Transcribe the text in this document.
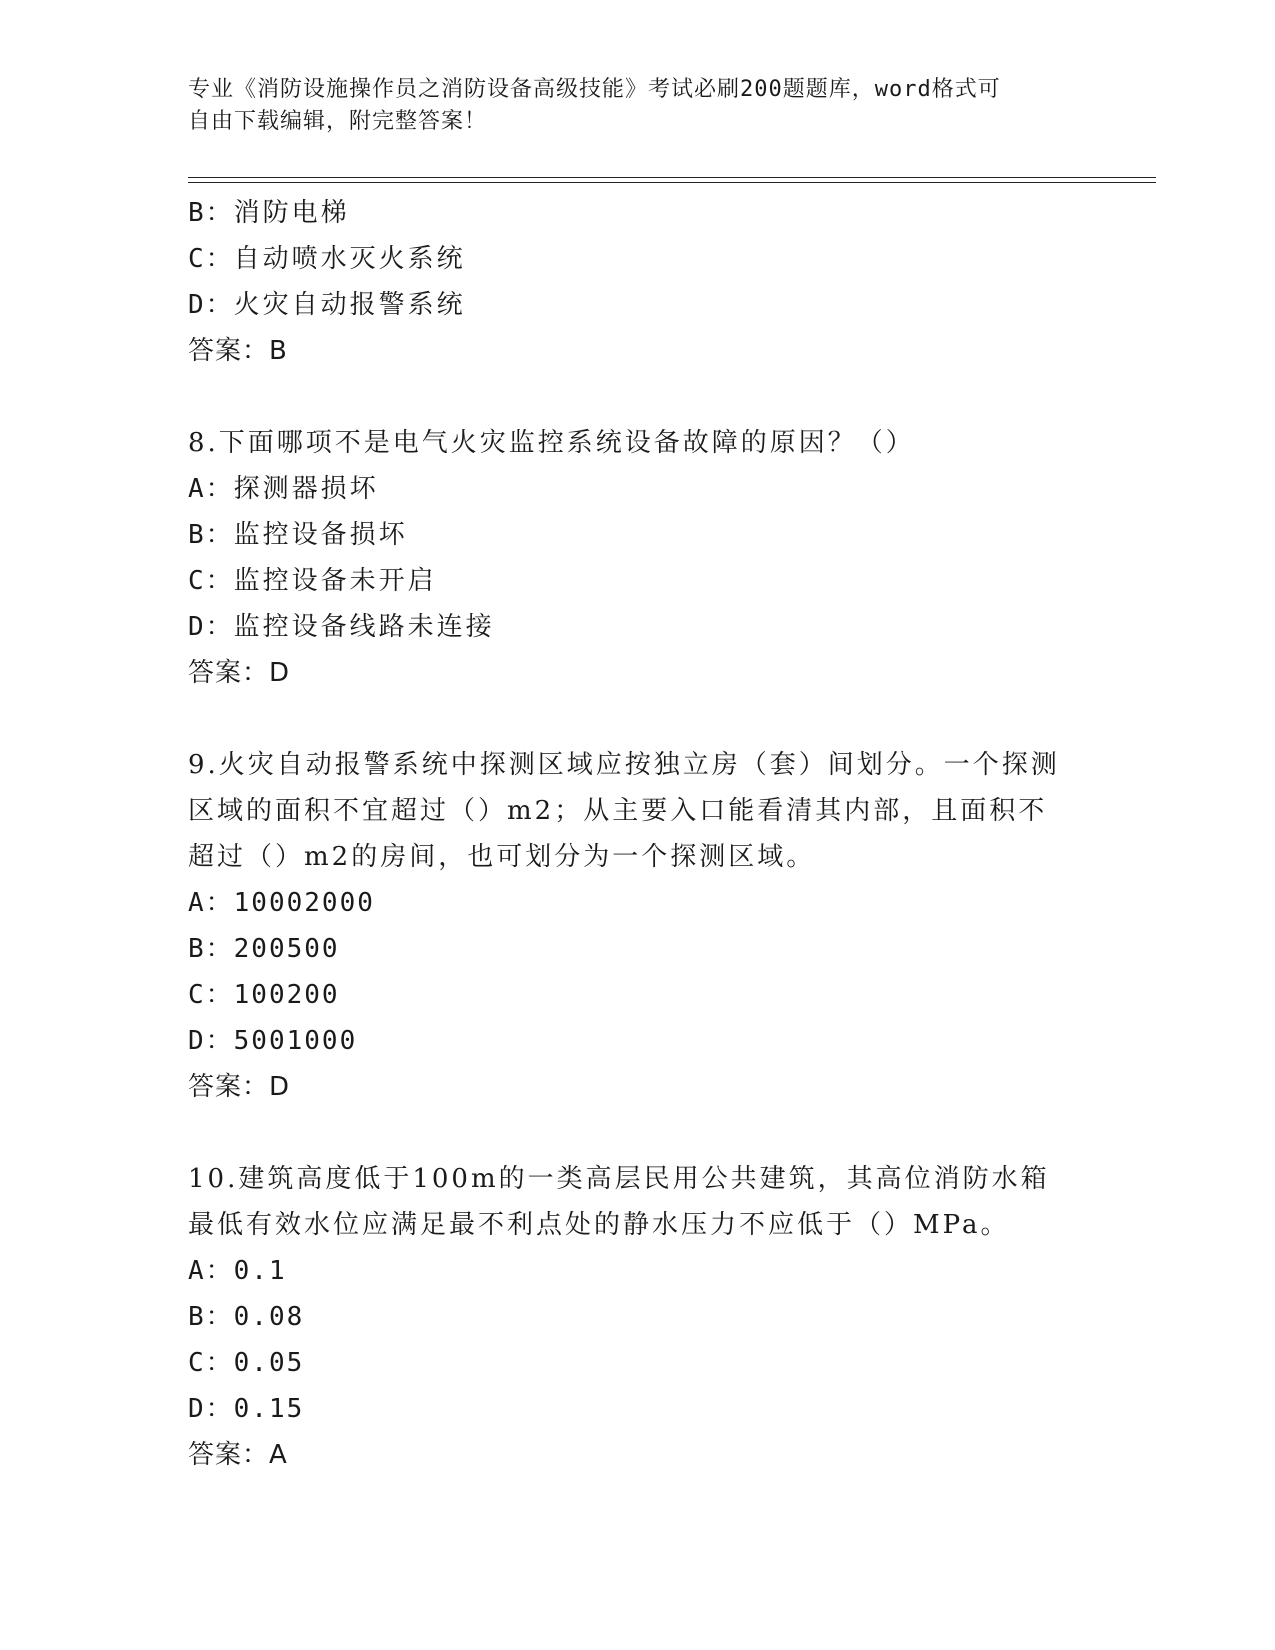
专业《消防设施操作员之消防设备高级技能》考试必刷200题题库，word格式可
自由下载编辑，附完整答案！
B：消防电梯
C：自动喷水灭火系统
D：火灾自动报警系统
答案：B
8.下面哪项不是电气火灾监控系统设备故障的原因？（）
A：探测器损坏
B：监控设备损坏
C：监控设备未开启
D：监控设备线路未连接
答案：D
9.火灾自动报警系统中探测区域应按独立房（套）间划分。一个探测区域的面积不宜超过（）m2；从主要入口能看清其内部，且面积不超过（）m2的房间，也可划分为一个探测区域。
A：10002000
B：200500
C：100200
D：5001000
答案：D
10.建筑高度低于100m的一类高层民用公共建筑，其高位消防水箱最低有效水位应满足最不利点处的静水压力不应低于（）MPa。
A：0.1
B：0.08
C：0.05
D：0.15
答案：A
